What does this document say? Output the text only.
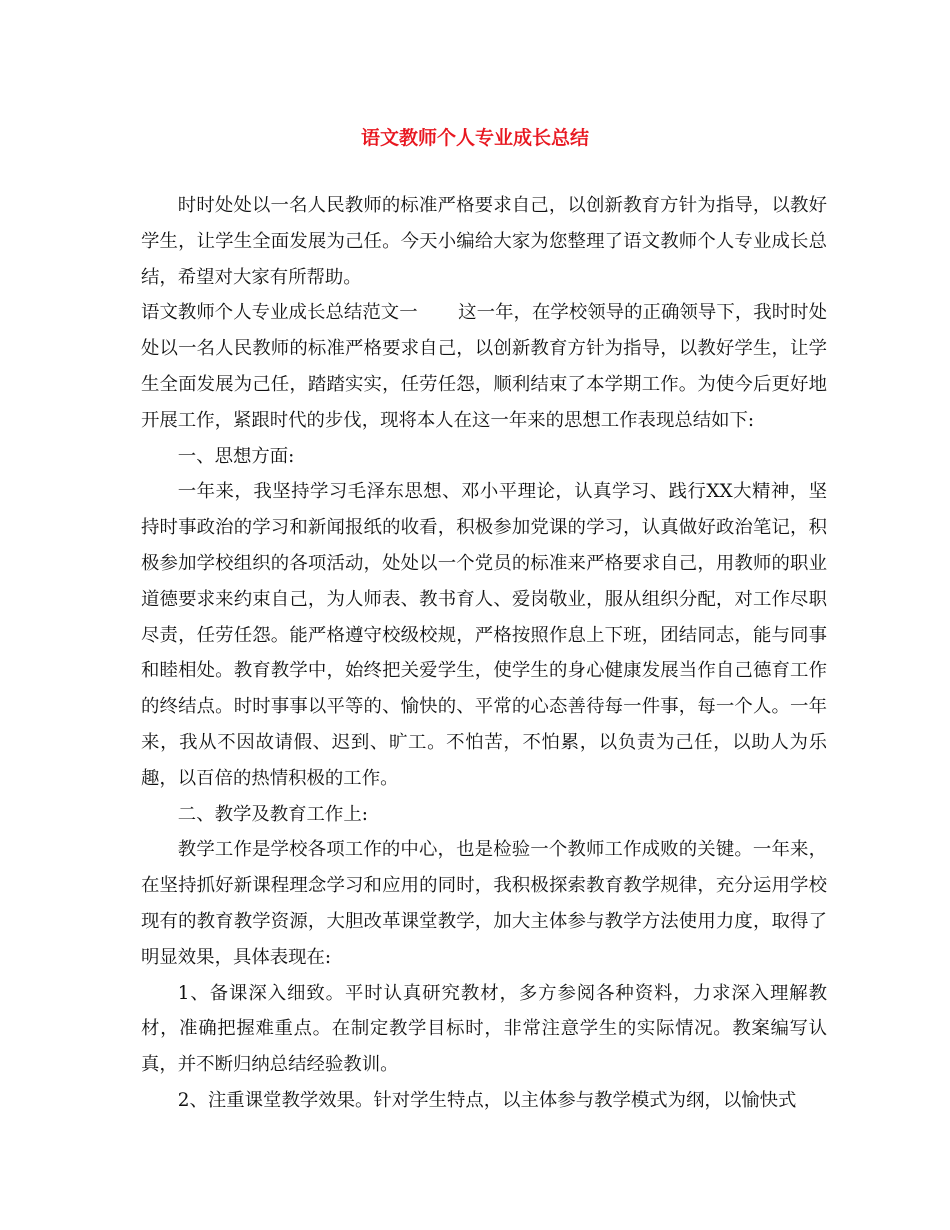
语文教师个人专业成长总结

时时处处以一名人民教师的标准严格要求自己，以创新教育方针为指导，以教好学生，让学生全面发展为己任。今天小编给大家为您整理了语文教师个人专业成长总结，希望对大家有所帮助。

语文教师个人专业成长总结范文一 这一年，在学校领导的正确领导下，我时时处处以一名人民教师的标准严格要求自己，以创新教育方针为指导，以教好学生，让学生全面发展为己任，踏踏实实，任劳任怨，顺利结束了本学期工作。为使今后更好地开展工作，紧跟时代的步伐，现将本人在这一年来的思想工作表现总结如下:

一、思想方面:

一年来，我坚持学习毛泽东思想、邓小平理论，认真学习、践行XX大精神，坚持时事政治的学习和新闻报纸的收看，积极参加党课的学习，认真做好政治笔记，积极参加学校组织的各项活动，处处以一个党员的标准来严格要求自己，用教师的职业道德要求来约束自己，为人师表、教书育人、爱岗敬业，服从组织分配，对工作尽职尽责，任劳任怨。能严格遵守校级校规，严格按照作息上下班，团结同志，能与同事和睦相处。教育教学中，始终把关爱学生，使学生的身心健康发展当作自己德育工作的终结点。时时事事以平等的、愉快的、平常的心态善待每一件事，每一个人。一年来，我从不因故请假、迟到、旷工。不怕苦，不怕累，以负责为己任，以助人为乐趣，以百倍的热情积极的工作。

二、教学及教育工作上:

教学工作是学校各项工作的中心，也是检验一个教师工作成败的关键。一年来，在坚持抓好新课程理念学习和应用的同时，我积极探索教育教学规律，充分运用学校现有的教育教学资源，大胆改革课堂教学，加大主体参与教学方法使用力度，取得了明显效果，具体表现在:

1、备课深入细致。平时认真研究教材，多方参阅各种资料，力求深入理解教材，准确把握难重点。在制定教学目标时，非常注意学生的实际情况。教案编写认真，并不断归纳总结经验教训。

2、注重课堂教学效果。针对学生特点，以主体参与教学模式为纲，以愉快式
